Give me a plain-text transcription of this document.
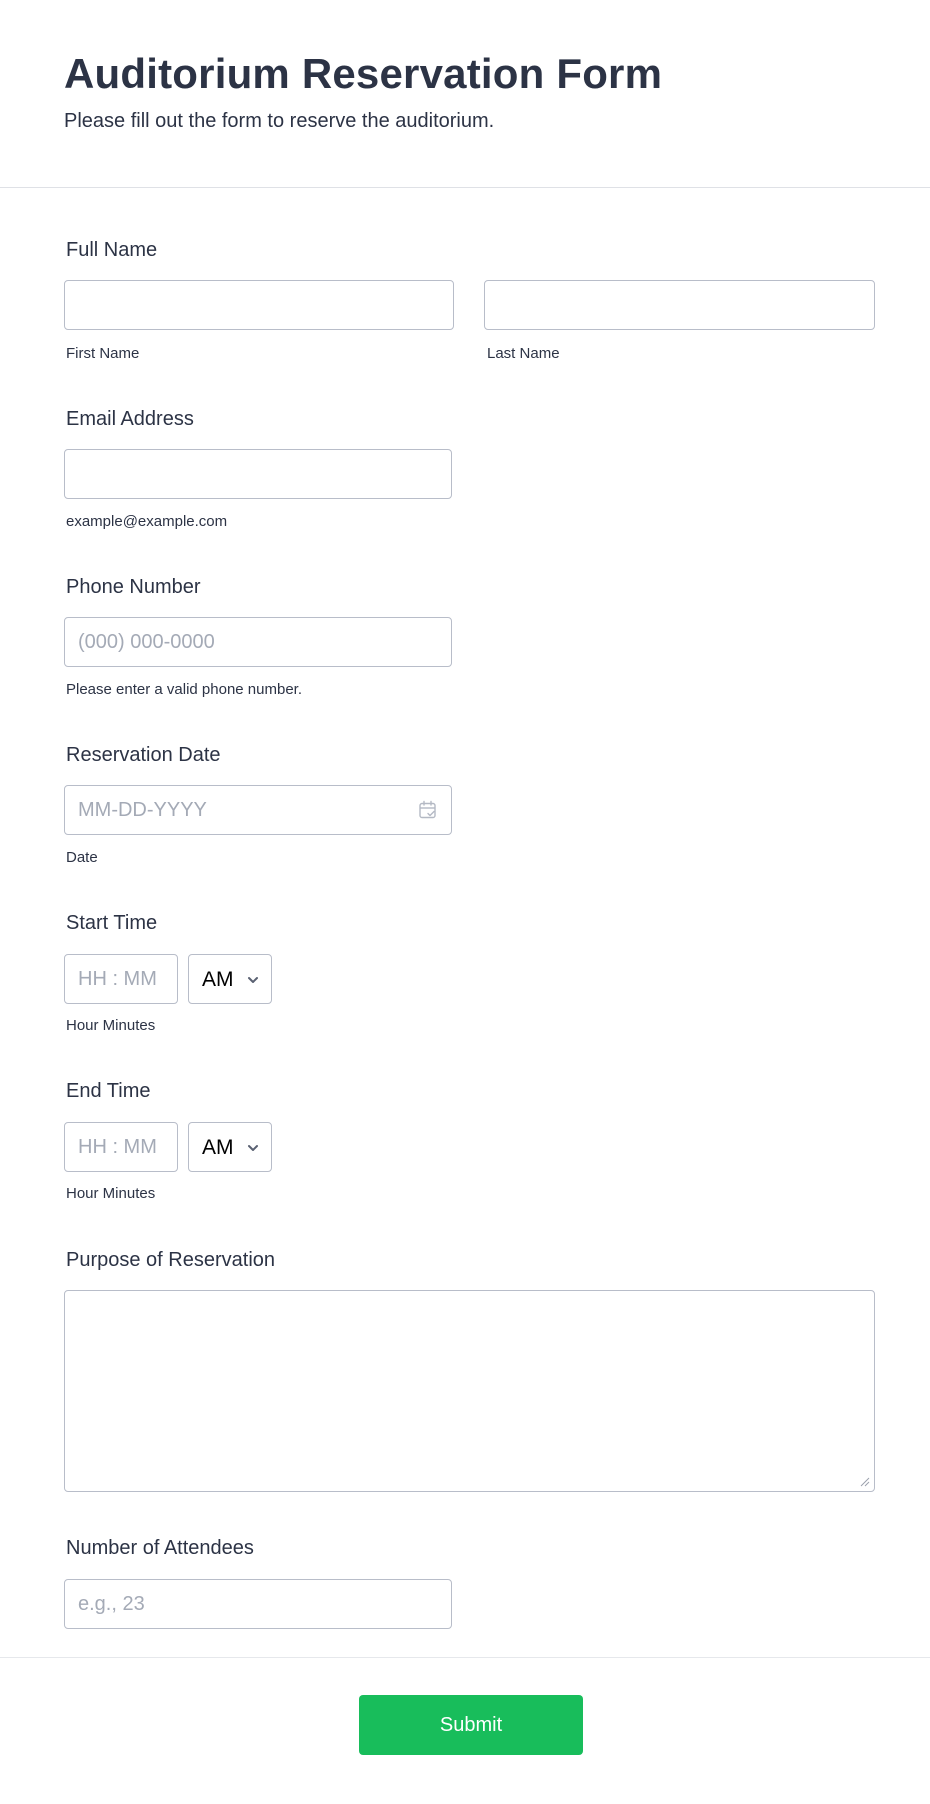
Auditorium Reservation Form

Please fill out the form to reserve the auditorium.

Full Name
First Name	Last Name
Email Address
example@example.com
Phone Number
(000) 000-0000
Please enter a valid phone number.
Reservation Date
MM-DD-YYYY
Date
Start Time
HH : MM
AM
Hour Minutes
End Time
HH : MM
AM
Hour Minutes
Purpose of Reservation
Number of Attendees
e.g., 23
Submit
